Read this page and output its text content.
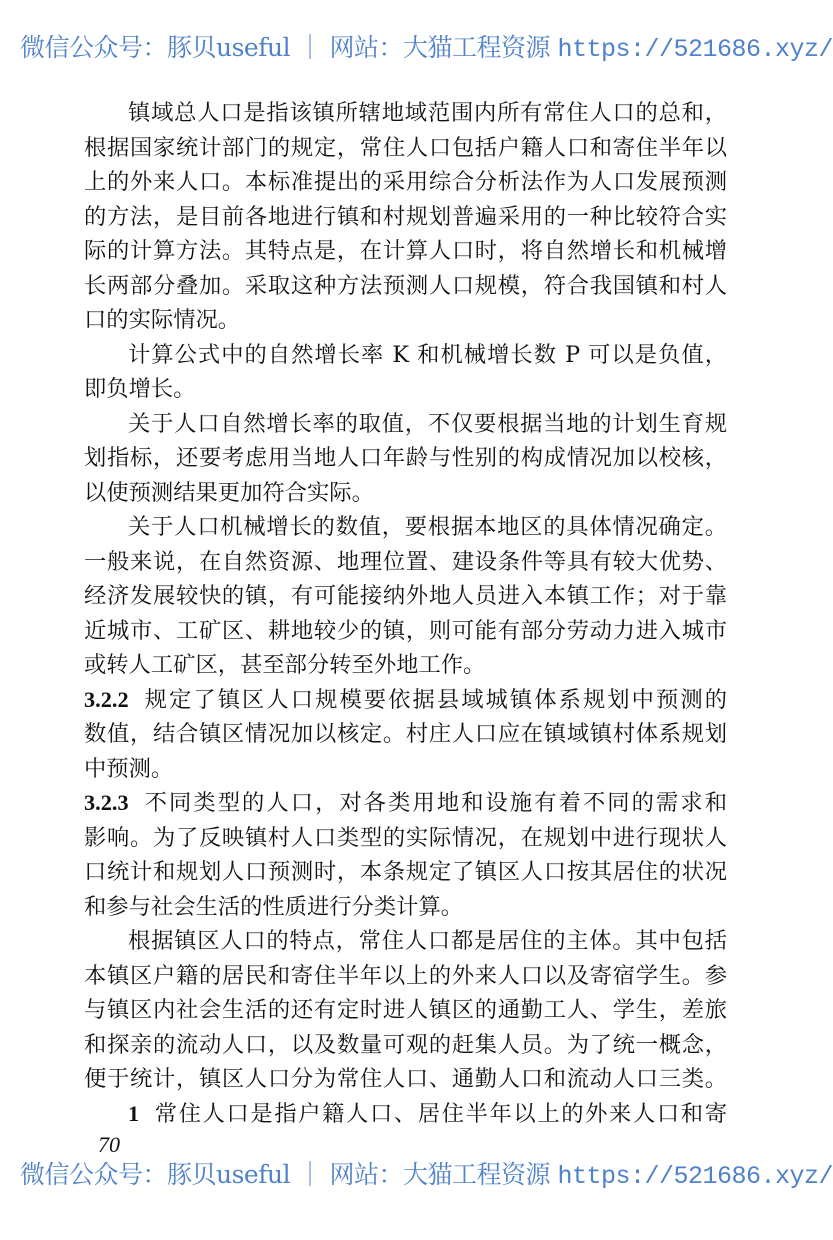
微信公众号：豚贝useful ｜ 网站：大猫工程资源 https://521686.xyz/
镇域总人口是指该镇所辖地域范围内所有常住人口的总和，
根据国家统计部门的规定，常住人口包括户籍人口和寄住半年以
上的外来人口。本标准提出的采用综合分析法作为人口发展预测
的方法，是目前各地进行镇和村规划普遍采用的一种比较符合实
际的计算方法。其特点是，在计算人口时，将自然增长和机械增
长两部分叠加。采取这种方法预测人口规模，符合我国镇和村人
口的实际情况。
计算公式中的自然增长率 K 和机械增长数 P 可以是负值，
即负增长。
关于人口自然增长率的取值，不仅要根据当地的计划生育规
划指标，还要考虑用当地人口年龄与性别的构成情况加以校核，
以使预测结果更加符合实际。
关于人口机械增长的数值，要根据本地区的具体情况确定。
一般来说，在自然资源、地理位置、建设条件等具有较大优势、
经济发展较快的镇，有可能接纳外地人员进入本镇工作；对于靠
近城市、工矿区、耕地较少的镇，则可能有部分劳动力进入城市
或转人工矿区，甚至部分转至外地工作。
3.2.2 规定了镇区人口规模要依据县域城镇体系规划中预测的
数值，结合镇区情况加以核定。村庄人口应在镇域镇村体系规划
中预测。
3.2.3 不同类型的人口，对各类用地和设施有着不同的需求和
影响。为了反映镇村人口类型的实际情况，在规划中进行现状人
口统计和规划人口预测时，本条规定了镇区人口按其居住的状况
和参与社会生活的性质进行分类计算。
根据镇区人口的特点，常住人口都是居住的主体。其中包括
本镇区户籍的居民和寄住半年以上的外来人口以及寄宿学生。参
与镇区内社会生活的还有定时进人镇区的通勤工人、学生，差旅
和探亲的流动人口，以及数量可观的赶集人员。为了统一概念，
便于统计，镇区人口分为常住人口、通勤人口和流动人口三类。
1 常住人口是指户籍人口、居住半年以上的外来人口和寄
70
微信公众号：豚贝useful ｜ 网站：大猫工程资源 https://521686.xyz/
